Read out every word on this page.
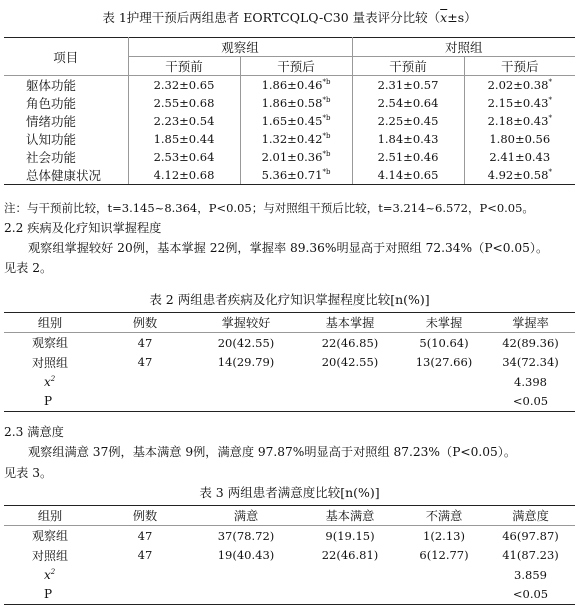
表 1护理干预后两组患者 EORTCQLQ-C30 量表评分比较$(\overline{x}\pm s)$
项目	观察组		对照组	
	干预前	干预后	干预前	干预后
躯体功能	2.32±0.65	$1.86\pm 0.46^{*b}$	2.31±0.57	2.02±0.38*
角色功能	2.55±0.68	$1.86\pm 0.58^{*b}$	2.54±0.64	2.15±0.43*
情绪功能	2.23±0.54	$1.65\pm 0.45^{*b}$	2.25±0.45	2.18±0.43*
认知功能	1.85±0.44	$1.32\pm 0.42^{*b}$	1.84±0.43	1.80±0.56
社会功能	2.53±0.64	$2.01\pm 0.36^{*b}$	2.51±0.46	2.41±0.43
总体健康状况	4.12±0.68	$5.36\pm 0.71^{*b}$	4.14±0.65	4.92±0.58*
注：与干预前比较，t=3.145~8.364，P<0.05；与对照组干预后比较，t=3.214~6.572，P<0.05。
2.2 疾病及化疗知识掌握程度
观察组掌握较好 20例，基本掌握 22例，掌握率 89.36%明显高于对照组 72.34%（P<0.05）。
见表 2。
表 2 两组患者疾病及化疗知识掌握程度比较[n(%)]
组别	例数	掌握较好	基本掌握	未掌握	掌握率
观察组	47	20(42.55)	22(46.85)	5(10.64)	42(89.36)
对照组	47	14(29.79)	20(42.55)	13(27.66)	34(72.34)
$x^2$					4.398
P					<0.05
2.3 满意度
观察组满意 37例，基本满意 9例，满意度 97.87%明显高于对照组 87.23%（P<0.05）。
见表 3。
表 3 两组患者满意度比较[n(%)]
组别	例数	满意	基本满意	不满意	满意度
观察组	47	37(78.72)	9(19.15)	1(2.13)	46(97.87)
对照组	47	19(40.43)	22(46.81)	6(12.77)	41(87.23)
$x^2$					3.859
P					<0.05
